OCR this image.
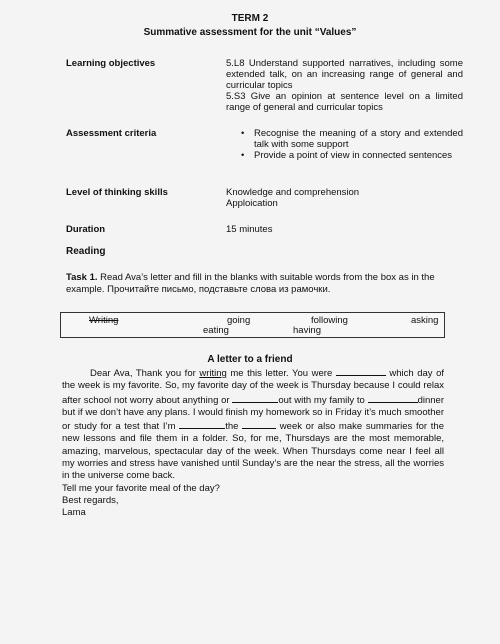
TERM 2
Summative assessment for the unit “Values”
Learning objectives	5.L8 Understand supported narratives, including some extended talk, on an increasing range of general and curricular topics

5.S3 Give an opinion at sentence level on a limited range of general and curricular topics

Assessment criteria
•	Recognise the meaning of a story and extended talk with some support
• Provide a point of view in connected sentences
Level of thinking skills	Knowledge and comprehension

Apploication

Duration	15 minutes
Reading
Task 1. Read Ava’s letter and fill in the blanks with suitable words from the box as in the example. Прочитайте письмо, подставьте слова из рамочки.
Writing	going	following	asking
eating	having
A letter to a friend

Dear Ava, Thank you for writing me this letter. You were	which day of the week is my favorite. So, my favorite day of the week is Thursday because I could relax after school not worry about anything or	out with my family to	dinner but if we don’t have any plans. I would finish my homework so in Friday it’s much smoother or study for a test that I’m	the	week or also make summaries for the new lessons and file them in a folder. So, for me, Thursdays are the most memorable, amazing, marvelous, spectacular day of the week. When Thursdays come near I feel all my worries and stress have vanished until Sunday’s are the near the stress, all the worries in the universe come back.

Tell me your favorite meal of the day?

Best regards,

Lama
